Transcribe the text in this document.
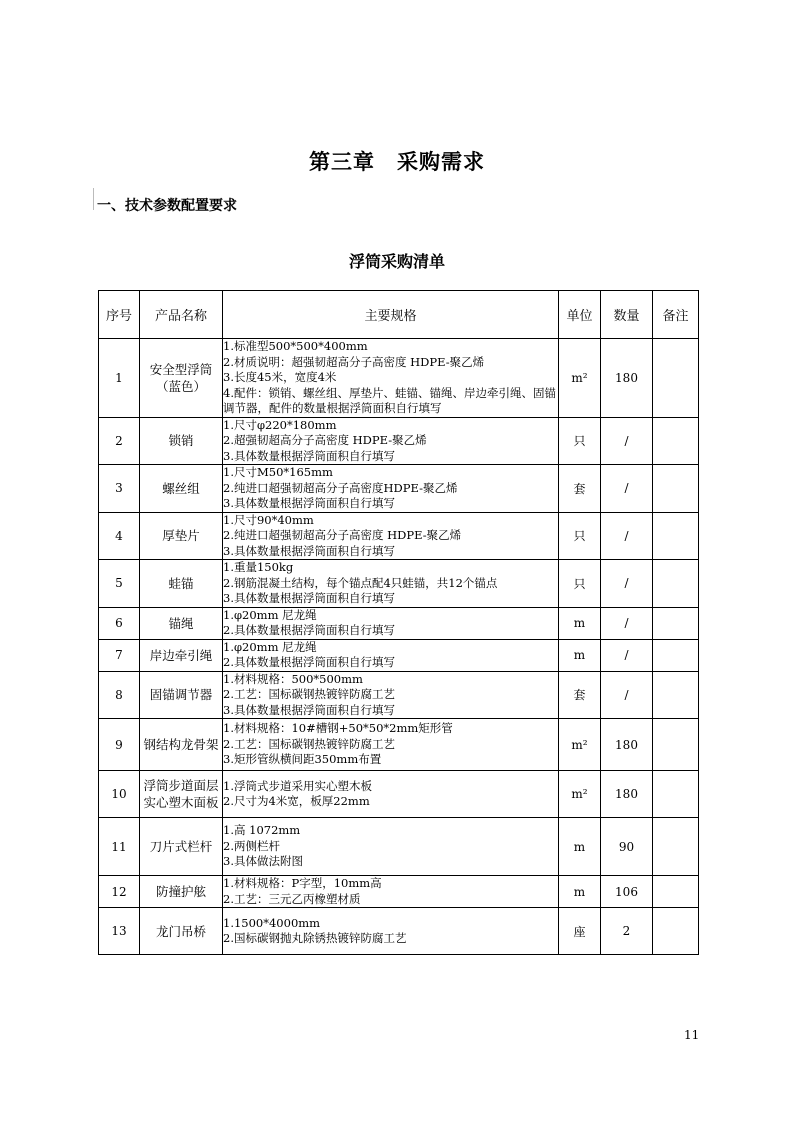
第三章　采购需求
一、技术参数配置要求
浮筒采购清单
序号	产品名称	主要规格	单位	数量	备注
1	安全型浮筒（蓝色）	1.标准型500*500*400mm
2.材质说明：超强韧超高分子高密度 HDPE-聚乙烯
3.长度45米，宽度4米
4.配件：锁销、螺丝组、厚垫片、蛙锚、锚绳、岸边牵引绳、固锚调节器，配件的数量根据浮筒面积自行填写	m²	180	
2	锁销	1.尺寸φ220*180mm
2.超强韧超高分子高密度 HDPE-聚乙烯
3.具体数量根据浮筒面积自行填写	只	/	
3	螺丝组	1.尺寸M50*165mm
2.纯进口超强韧超高分子高密度HDPE-聚乙烯
3.具体数量根据浮筒面积自行填写	套	/	
4	厚垫片	1.尺寸90*40mm
2.纯进口超强韧超高分子高密度 HDPE-聚乙烯
3.具体数量根据浮筒面积自行填写	只	/	
5	蛙锚	1.重量150kg
2.钢筋混凝土结构，每个锚点配4只蛙锚，共12个锚点
3.具体数量根据浮筒面积自行填写	只	/	
6	锚绳	1.φ20mm 尼龙绳
2.具体数量根据浮筒面积自行填写	m	/	
7	岸边牵引绳	1.φ20mm 尼龙绳
2.具体数量根据浮筒面积自行填写	m	/	
8	固锚调节器	1.材料规格：500*500mm
2.工艺：国标碳钢热镀锌防腐工艺
3.具体数量根据浮筒面积自行填写	套	/	
9	钢结构龙骨架	1.材料规格：10#槽钢+50*50*2mm矩形管
2.工艺：国标碳钢热镀锌防腐工艺
3.矩形管纵横间距350mm布置	m²	180	
10	浮筒步道面层实心塑木面板	1.浮筒式步道采用实心塑木板
2.尺寸为4米宽，板厚22mm	m²	180	
11	刀片式栏杆	1.高 1072mm
2.两侧栏杆
3.具体做法附图	m	90	
12	防撞护舷	1.材料规格：P字型，10mm高
2.工艺：三元乙丙橡塑材质	m	106	
13	龙门吊桥	1.1500*4000mm
2.国标碳钢抛丸除锈热镀锌防腐工艺	座	2	
11
